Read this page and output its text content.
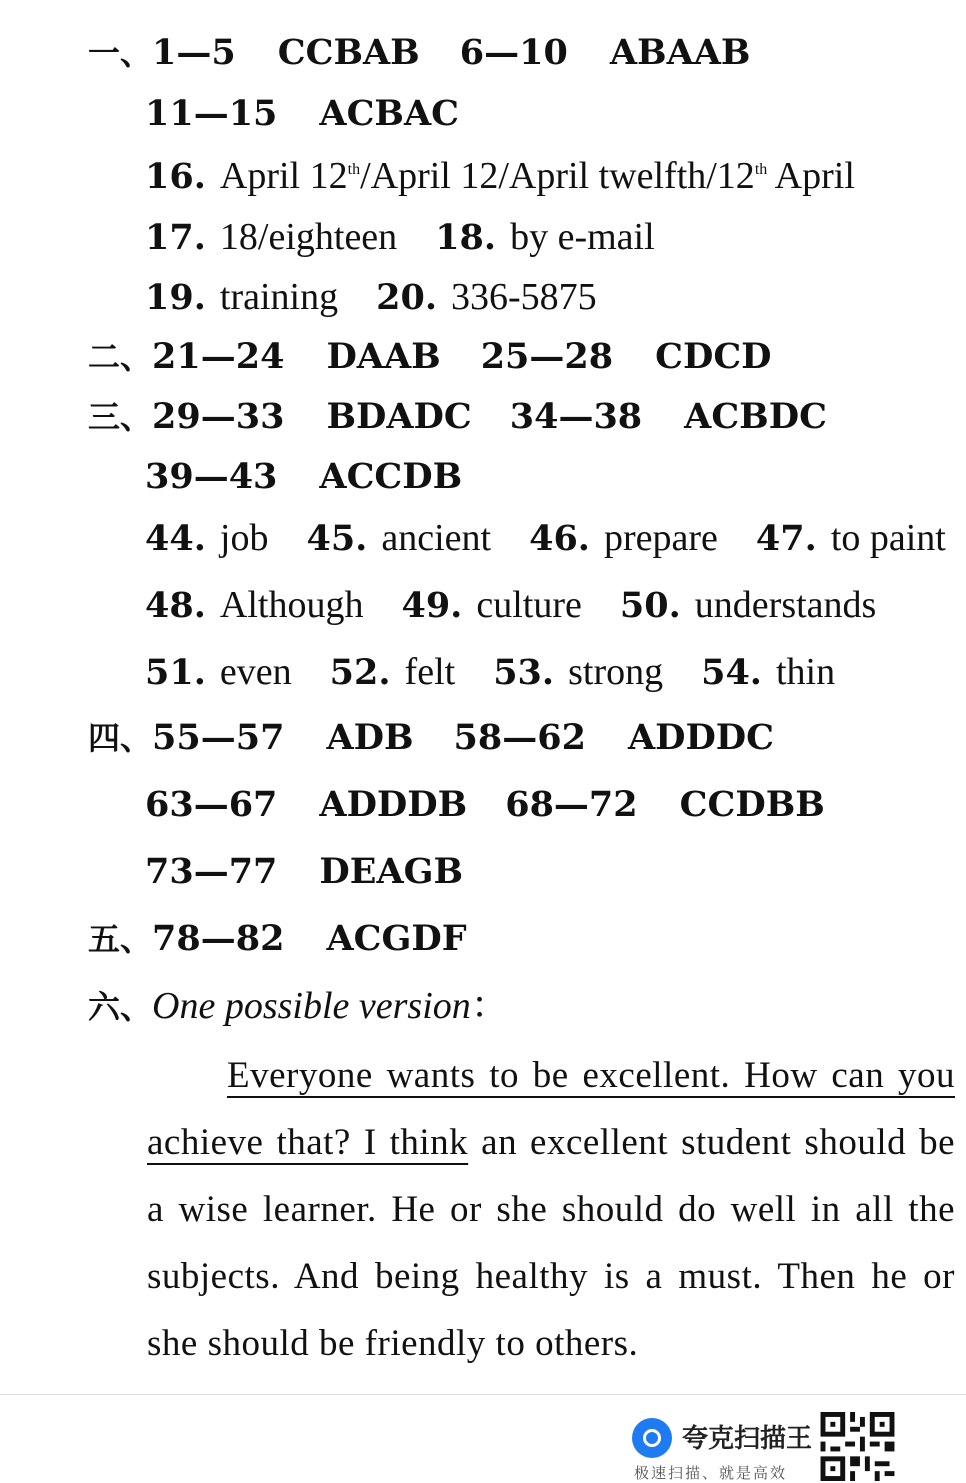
一、1—5 CCBAB 6—10 ABAAB
11—15 ACBAC
16. April 12th/April 12/April twelfth/12th April
17. 18/eighteen 18. by e-mail
19. training 20. 336-5875
二、21—24 DAAB 25—28 CDCD
三、29—33 BDADC 34—38 ACBDC
39—43 ACCDB
44. job 45. ancient 46. prepare 47. to paint
48. Although 49. culture 50. understands
51. even 52. felt 53. strong 54. thin
四、55—57 ADB 58—62 ADDDC
63—67 ADDDB 68—72 CCDBB
73—77 DEAGB
五、78—82 ACGDF
六、One possible version：
Everyone wants to be excellent. How can you achieve that? I think an excellent student should be a wise learner. He or she should do well in all the subjects. And being healthy is a must. Then he or she should be friendly to others.
夸克扫描王
极速扫描、就是高效
